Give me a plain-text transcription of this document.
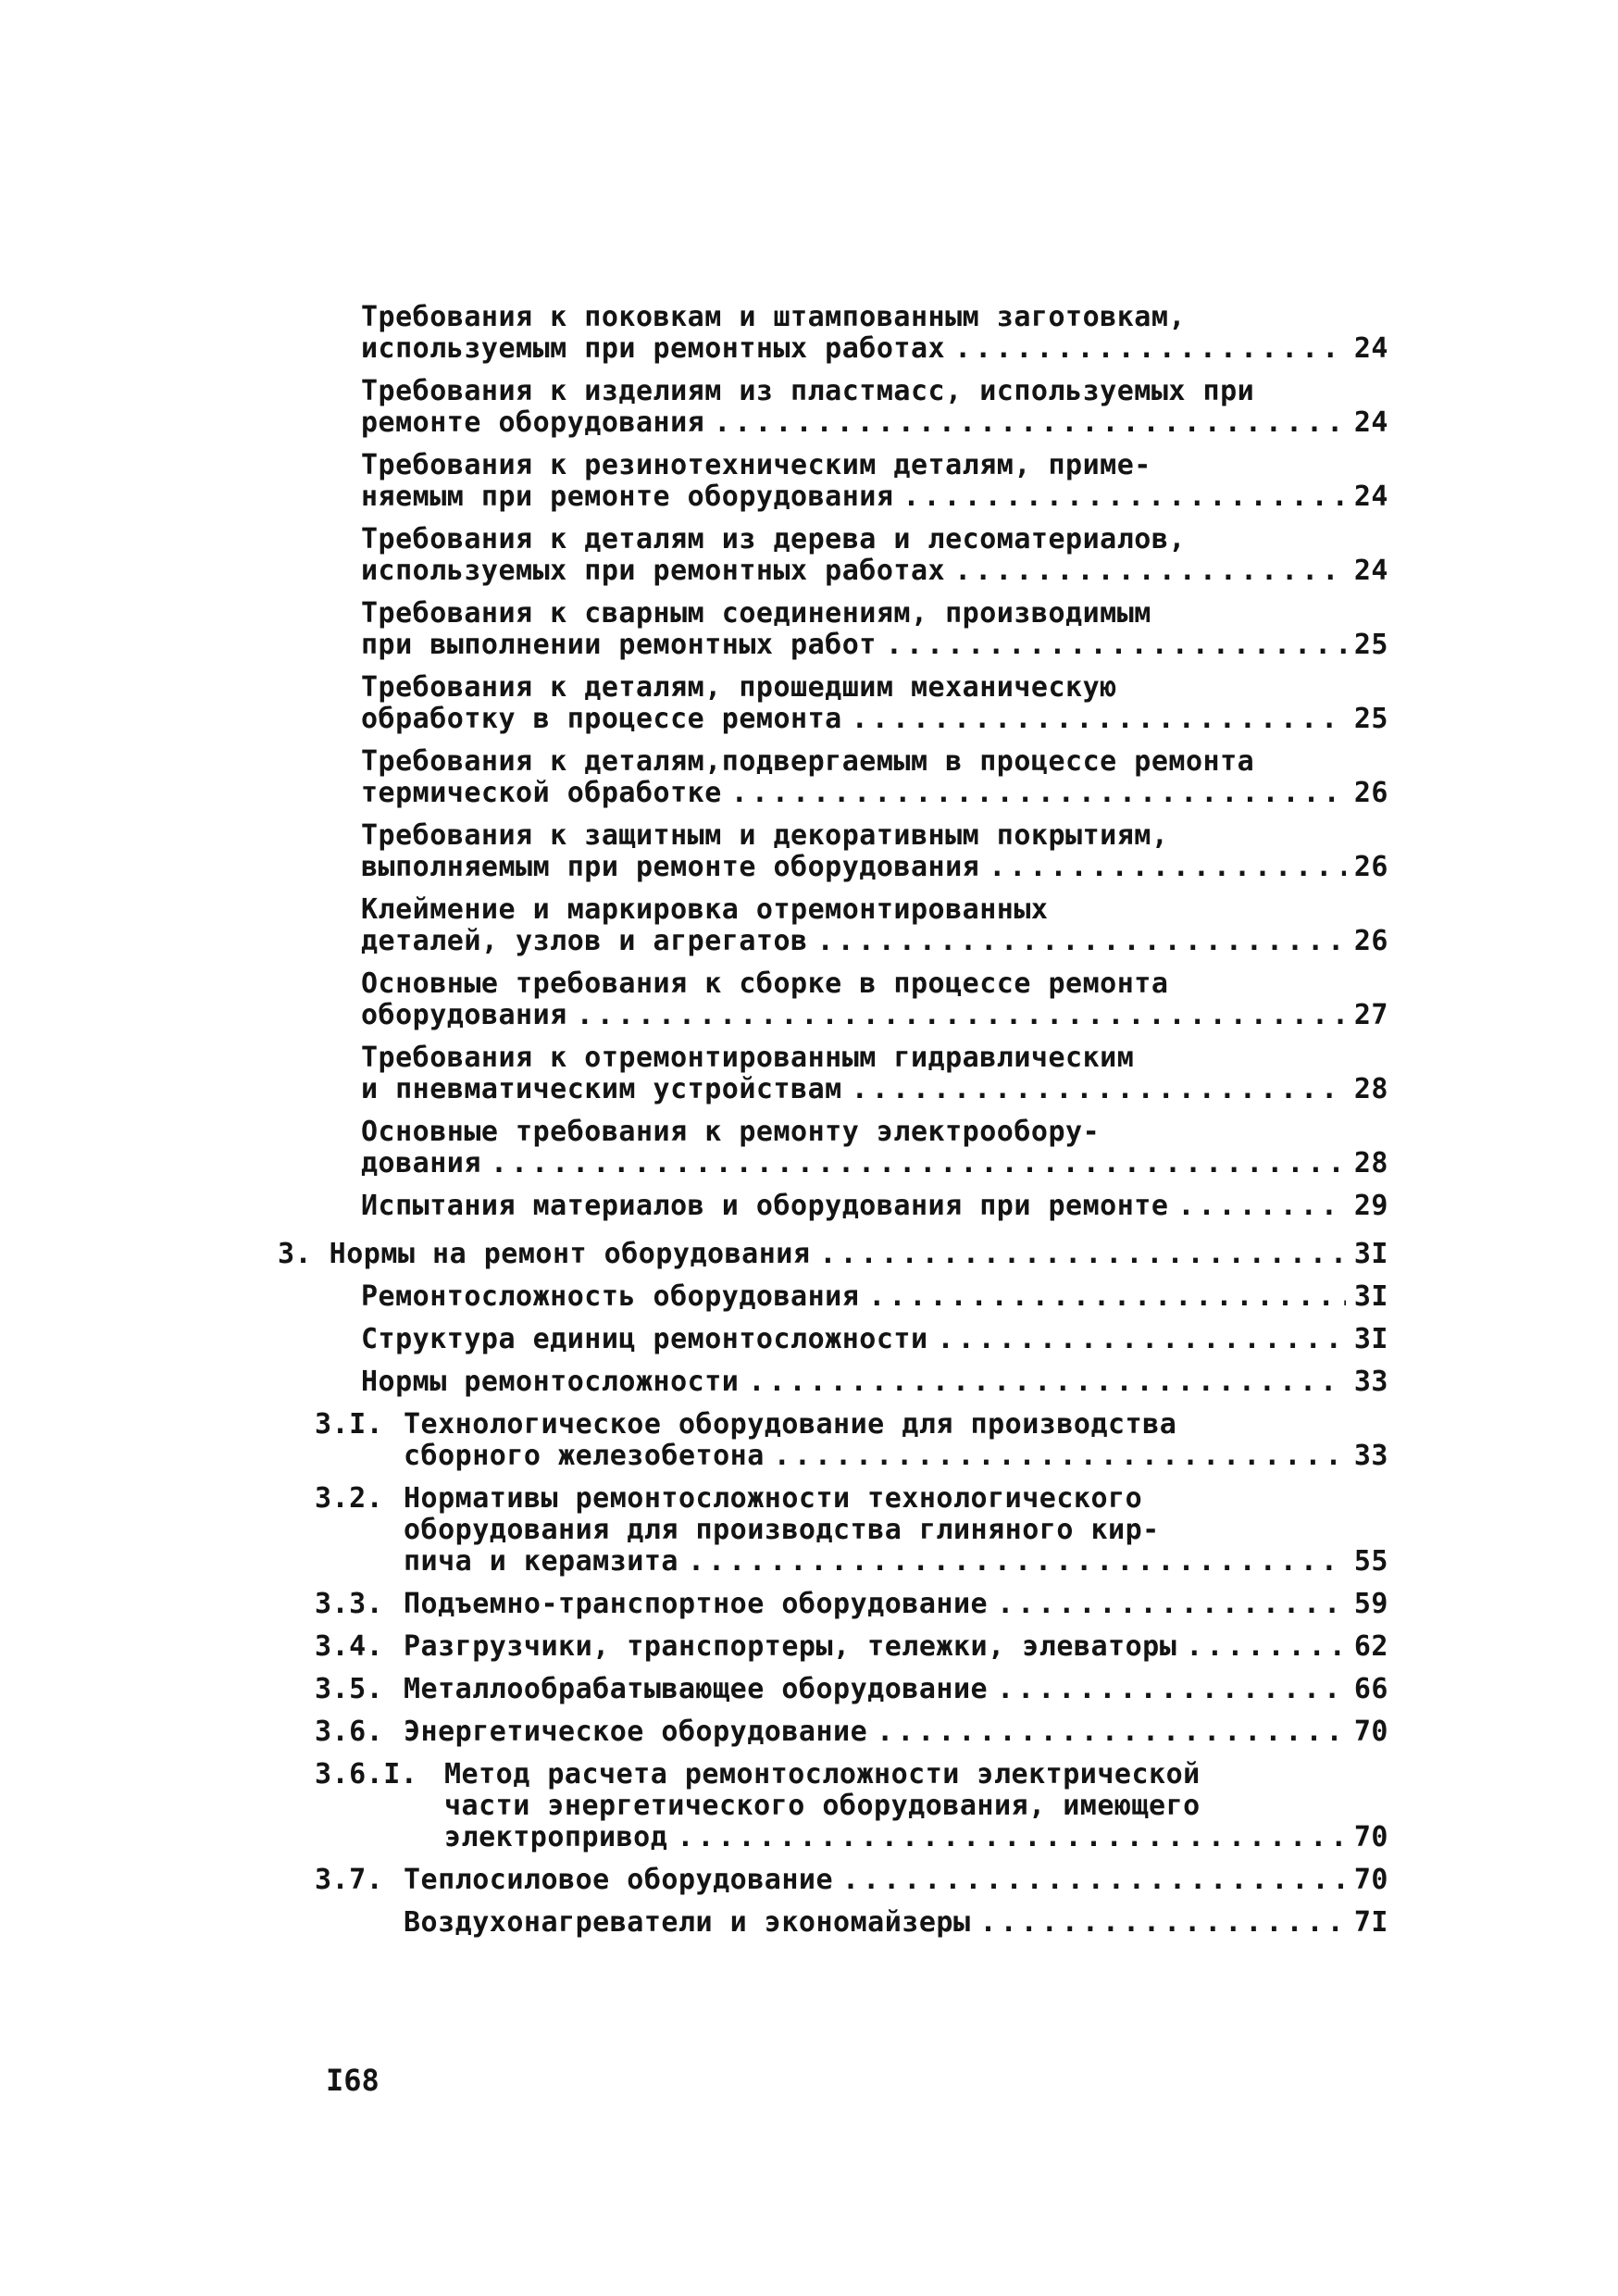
Требования к поковкам и штампованным заготовкам,
используемым при ремонтных работах .....	24
Требования к изделиям из пластмасс, используемых при
ремонте оборудования .....	24
Требования к резинотехническим деталям, приме-
няемым при ремонте оборудования .....	24
Требования к деталям из дерева и лесоматериалов,
используемых при ремонтных работах .....	24
Требования к сварным соединениям, производимым
при выполнении ремонтных работ .....	25
Требования к деталям, прошедшим механическую
обработку в процессе ремонта .....	25
Требования к деталям,подвергаемым в процессе ремонта
термической обработке .....	26
Требования к защитным и декоративным покрытиям,
выполняемым при ремонте оборудования .....	26
Клеймение и маркировка отремонтированных
деталей, узлов и агрегатов .....	26
Основные требования к сборке в процессе ремонта
оборудования .....	27
Требования к отремонтированным гидравлическим
и пневматическим устройствам .....	28
Основные требования к ремонту электрообору-
дования .....	28
Испытания материалов и оборудования при ремонте .....	29
3. Нормы на ремонт оборудования .....	3I
Ремонтосложность оборудования .....	3I
Структура единиц ремонтосложности .....	3I
Нормы ремонтосложности .....	33
3.I. Технологическое оборудование для производства
сборного железобетона .....	33
3.2. Нормативы ремонтосложности технологического
оборудования для производства глиняного кир-
пича и керамзита .....	55
3.3. Подъемно-транспортное оборудование .....	59
3.4. Разгрузчики, транспортеры, тележки, элеваторы .....	62
3.5. Металлообрабатывающее оборудование .....	66
3.6. Энергетическое оборудование .....	70
3.6.I. Метод расчета ремонтосложности электрической
части энергетического оборудования, имеющего
электропривод .....	70
3.7. Теплосиловое оборудование .....	70
Воздухонагреватели и экономайзеры .....	7I
I68
